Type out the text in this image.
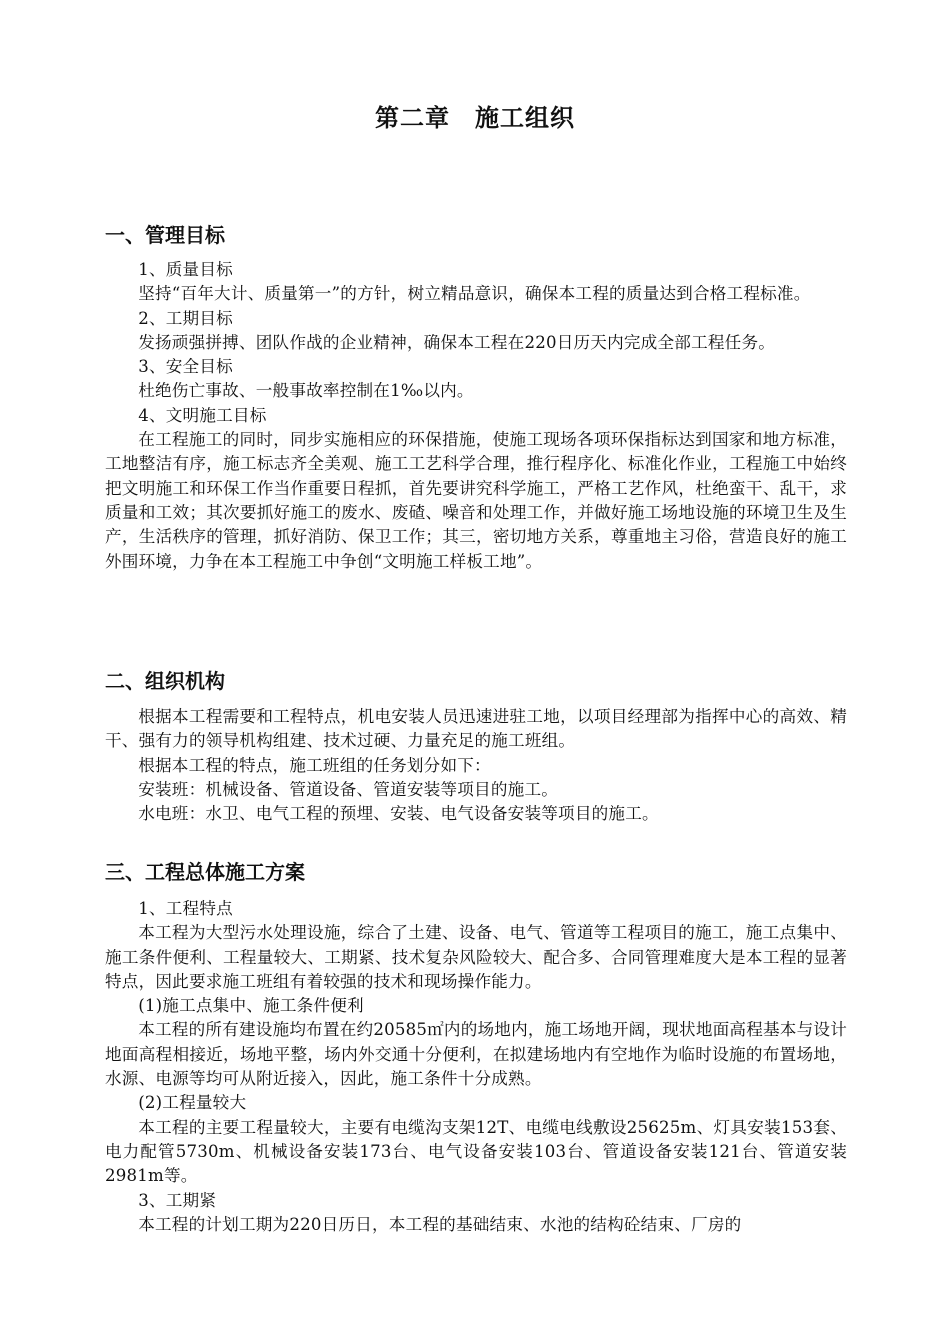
第二章　施工组织
一、管理目标

1、质量目标

坚持“百年大计、质量第一”的方针，树立精品意识，确保本工程的质量达到合格工程标准。

2、工期目标

发扬顽强拼搏、团队作战的企业精神，确保本工程在220日历天内完成全部工程任务。

3、安全目标

杜绝伤亡事故、一般事故率控制在1‰以内。

4、文明施工目标

在工程施工的同时，同步实施相应的环保措施，使施工现场各项环保指标达到国家和地方标准，工地整洁有序，施工标志齐全美观、施工工艺科学合理，推行程序化、标准化作业，工程施工中始终把文明施工和环保工作当作重要日程抓，首先要讲究科学施工，严格工艺作风，杜绝蛮干、乱干，求质量和工效；其次要抓好施工的废水、废碴、噪音和处理工作，并做好施工场地设施的环境卫生及生产，生活秩序的管理，抓好消防、保卫工作；其三，密切地方关系，尊重地主习俗，营造良好的施工外围环境，力争在本工程施工中争创“文明施工样板工地”。

二、组织机构

根据本工程需要和工程特点，机电安装人员迅速进驻工地，以项目经理部为指挥中心的高效、精干、强有力的领导机构组建、技术过硬、力量充足的施工班组。

根据本工程的特点，施工班组的任务划分如下：

安装班：机械设备、管道设备、管道安装等项目的施工。

水电班：水卫、电气工程的预埋、安装、电气设备安装等项目的施工。

三、工程总体施工方案

1、工程特点

本工程为大型污水处理设施，综合了土建、设备、电气、管道等工程项目的施工，施工点集中、施工条件便利、工程量较大、工期紧、技术复杂风险较大、配合多、合同管理难度大是本工程的显著特点，因此要求施工班组有着较强的技术和现场操作能力。

(1)施工点集中、施工条件便利

本工程的所有建设施均布置在约20585㎡内的场地内，施工场地开阔，现状地面高程基本与设计地面高程相接近，场地平整，场内外交通十分便利，在拟建场地内有空地作为临时设施的布置场地，水源、电源等均可从附近接入，因此，施工条件十分成熟。

(2)工程量较大

本工程的主要工程量较大，主要有电缆沟支架12T、电缆电线敷设25625m、灯具安装153套、电力配管5730m、机械设备安装173台、电气设备安装103台、管道设备安装121台、管道安装2981m等。

3、工期紧

本工程的计划工期为220日历日，本工程的基础结束、水池的结构砼结束、厂房的
